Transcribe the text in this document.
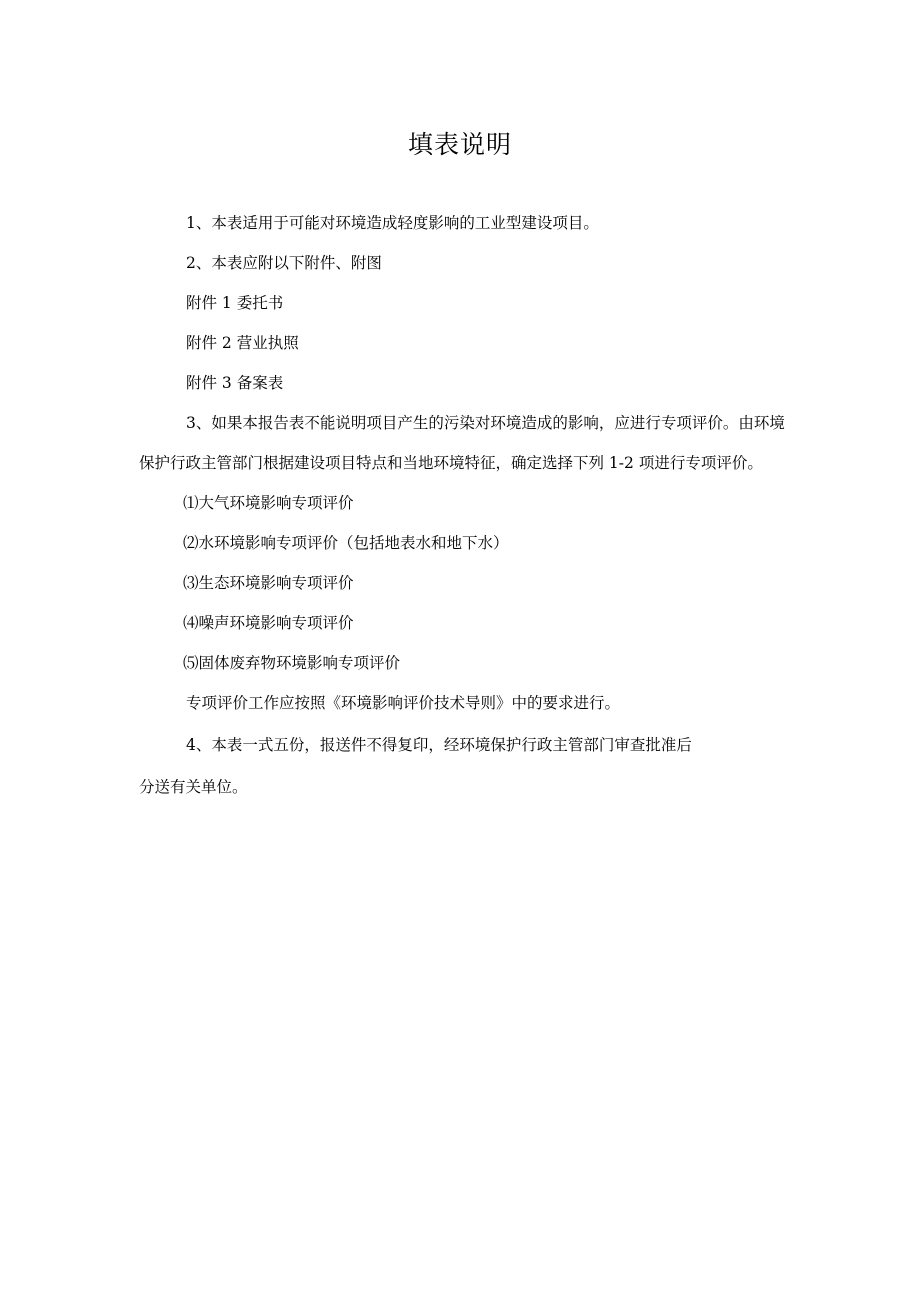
填表说明
1、本表适用于可能对环境造成轻度影响的工业型建设项目。
2、本表应附以下附件、附图
附件 1 委托书
附件 2 营业执照
附件 3 备案表
3、如果本报告表不能说明项目产生的污染对环境造成的影响，应进行专项评价。由环境
保护行政主管部门根据建设项目特点和当地环境特征，确定选择下列 1-2 项进行专项评价。
⑴大气环境影响专项评价
⑵水环境影响专项评价（包括地表水和地下水）
⑶生态环境影响专项评价
⑷噪声环境影响专项评价
⑸固体废弃物环境影响专项评价
专项评价工作应按照《环境影响评价技术导则》中的要求进行。
4、本表一式五份，报送件不得复印，经环境保护行政主管部门审查批准后
分送有关单位。
